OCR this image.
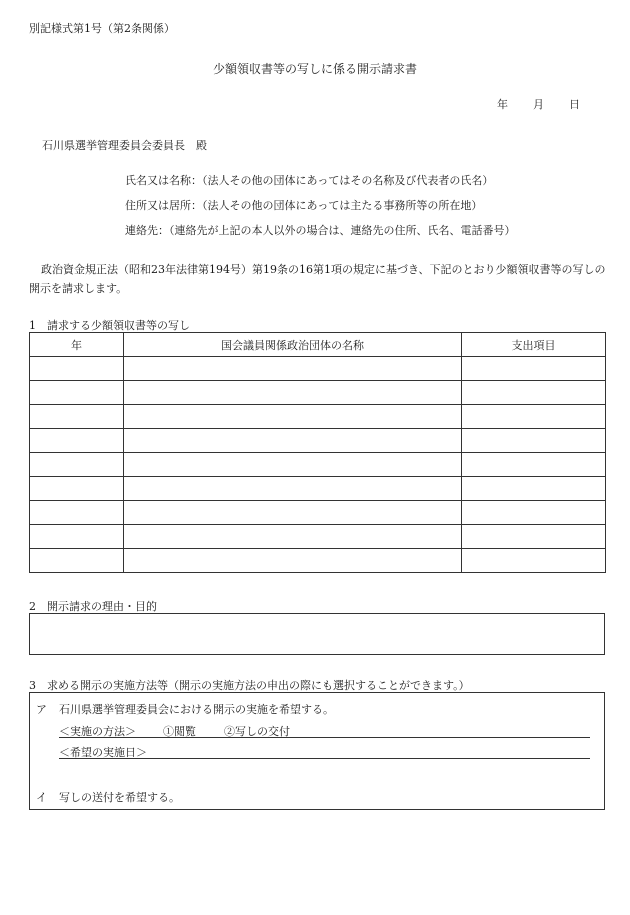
別記様式第1号（第2条関係）
少額領収書等の写しに係る開示請求書
年 月 日
石川県選挙管理委員会委員長　殿
氏名又は名称：（法人その他の団体にあってはその名称及び代表者の氏名）
住所又は居所：（法人その他の団体にあっては主たる事務所等の所在地）
連絡先：（連絡先が上記の本人以外の場合は、連絡先の住所、氏名、電話番号）
政治資金規正法（昭和23年法律第194号）第19条の16第1項の規定に基づき、下記のとおり少額領収書等の写しの開示を請求します。
1　請求する少額領収書等の写し
年	国会議員関係政治団体の名称	支出項目

2　開示請求の理由・目的
3　求める開示の実施方法等（開示の実施方法の申出の際にも選択することができます。）
ア 石川県選挙管理委員会における開示の実施を希望する。
＜実施の方法＞ ①閲覧	②写しの交付
＜希望の実施日＞
イ 写しの送付を希望する。
